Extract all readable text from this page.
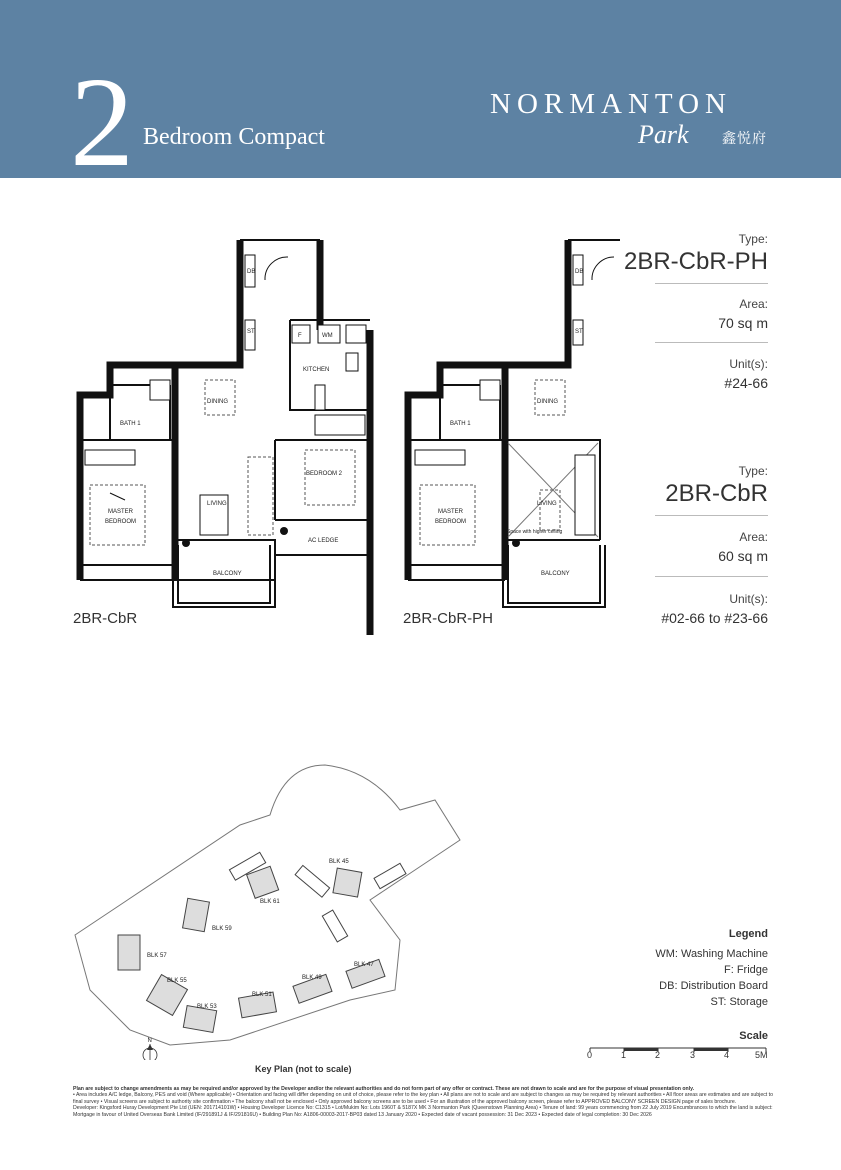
2 Bedroom Compact
NORMANTON
Park 鑫悦府
DB
ST
F	WM
KITCHEN
DINING
BATH 1
MASTER
BEDROOM
LIVING
BEDROOM 2
AC LEDGE
BALCONY
2BR-CbR
DB
ST
DINING
BATH 1
MASTER
BEDROOM
LIVING
Space with higher ceiling
BALCONY
2BR-CbR-PH
Type:
2BR-CbR-PH
Area:
70 sq m
Unit(s):
#24-66
Type:
2BR-CbR
Area:
60 sq m
Unit(s):
#02-66 to #23-66
BLK 45
BLK 61
BLK 59
BLK 57
BLK 55
BLK 53
BLK 51
BLK 49
BLK 47
N
Key Plan (not to scale)
Legend
WM: Washing Machine
F: Fridge
DB: Distribution Board
ST: Storage
Scale
0	1	2	3	4	5M
Plan are subject to change amendments as may be required and/or approved by the Developer and/or the relevant authorities and do not form part of any offer or contract. These are not drawn to scale and are for the purpose of visual presentation only.
• Area includes A/C ledge, Balcony, PES and void (Where applicable) • Orientation and facing will differ depending on unit of choice, please refer to the key plan • All plans are not to scale and are subject to changes as may be required by relevant authorities • All floor areas are estimates and are subject to final survey • Visual screens are subject to authority site confirmation • The balcony shall not be enclosed • Only approved balcony screens are to be used • For an illustration of the approved balcony screen, please refer to APPROVED BALCONY SCREEN DESIGN page of sales brochure.
Developer: Kingsford Huray Development Pte Ltd (UEN: 201714101W) • Housing Developer Licence No: C1315 • Lot/Mukim No: Lots 1960T & 5187X MK 3 Normanton Park (Queenstown Planning Area) • Tenure of land: 99 years commencing from 22 July 2019 Encumbrances to which the land is subject: Mortgage in favour of United Overseas Bank Limited (IF/291891J & IF/291816U) • Building Plan No: A1806-00003-2017-BP03 dated 13 January 2020 • Expected date of vacant possession: 31 Dec 2023 • Expected date of legal completion: 30 Dec 2026
